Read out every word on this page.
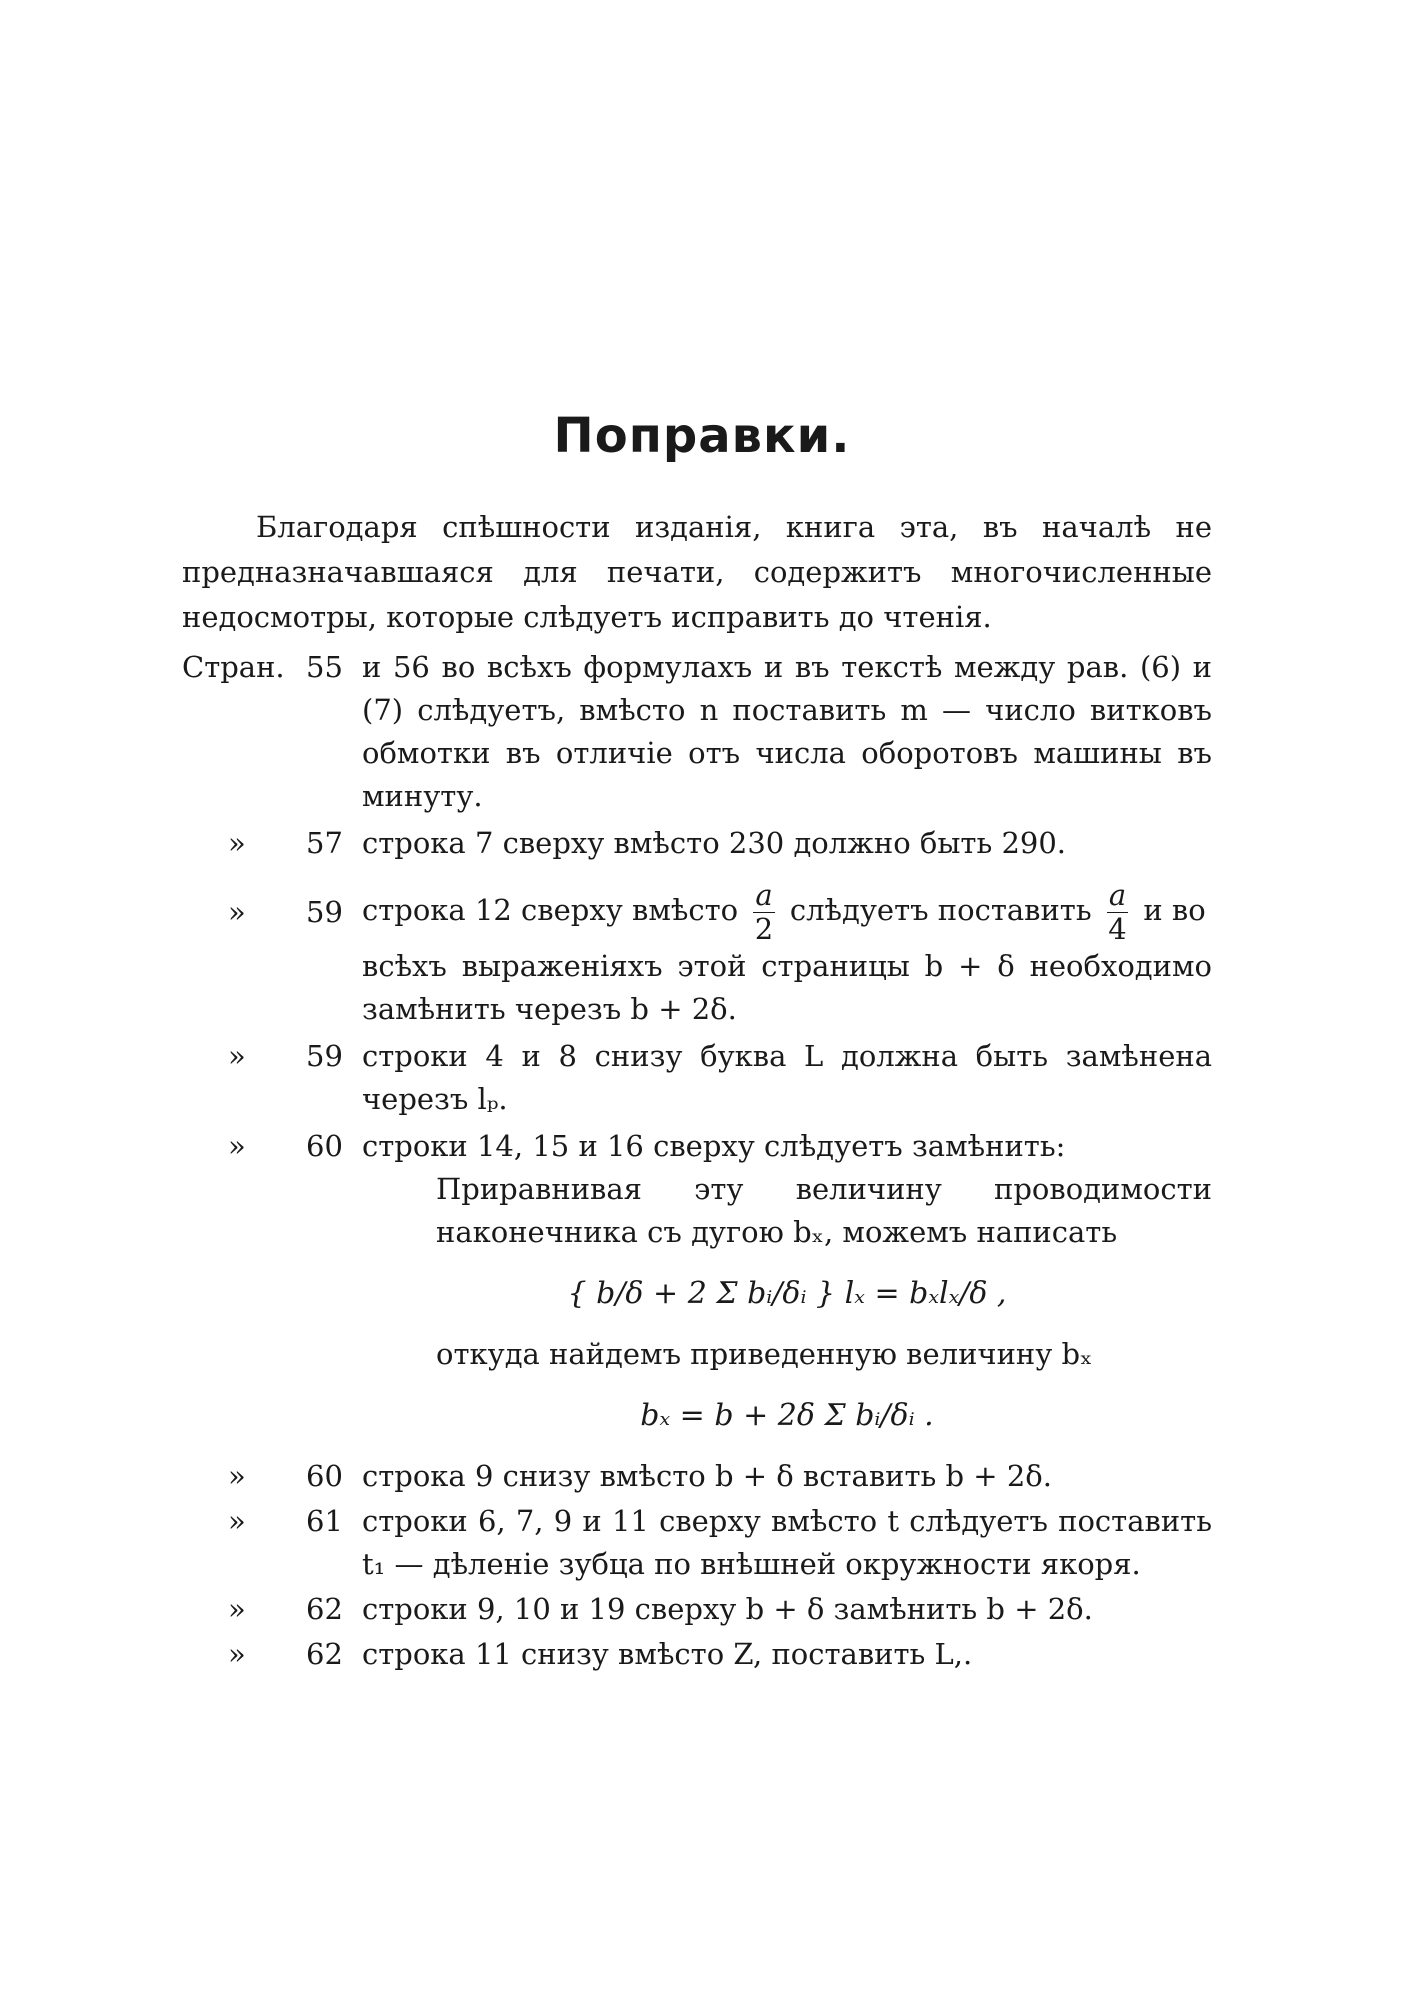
Поправки.
Благодаря спѣшности изданія, книга эта, въ началѣ не предназначавшаяся для печати, содержитъ многочисленные недосмотры, которые слѣдуетъ исправить до чтенія.
Стран. 55 и 56 во всѣхъ формулахъ и въ текстѣ между рав. (6) и (7) слѣдуетъ, вмѣсто n поставить m — число витковъ обмотки въ отличіе отъ числа оборотовъ машины въ минуту.
» 57 строка 7 сверху вмѣсто 230 должно быть 290.
» 59 строка 12 сверху вмѣсто $\frac{a}{2}$ слѣдуетъ поставить $\frac{a}{4}$ и во
всѣхъ выраженіяхъ этой страницы b + δ необходимо замѣнить черезъ b + 2δ.
» 59 строки 4 и 8 снизу буква L должна быть замѣнена черезъ lₚ.
» 60 строки 14, 15 и 16 сверху слѣдуетъ замѣнить:
Приравнивая эту величину проводимости наконечника съ дугою bₓ, можемъ написать
{ b/δ + 2 Σ bᵢ/δᵢ } lₓ = bₓlₓ/δ ,
откуда найдемъ приведенную величину bₓ
bₓ = b + 2δ Σ bᵢ/δᵢ .
» 60 строка 9 снизу вмѣсто b + δ вставить b + 2δ.
» 61 строки 6, 7, 9 и 11 сверху вмѣсто t слѣдуетъ поставить t₁ — дѣленіе зубца по внѣшней окружности якоря.
» 62 строки 9, 10 и 19 сверху b + δ замѣнить b + 2δ.
» 62 строка 11 снизу вмѣсто Z, поставить L,.
